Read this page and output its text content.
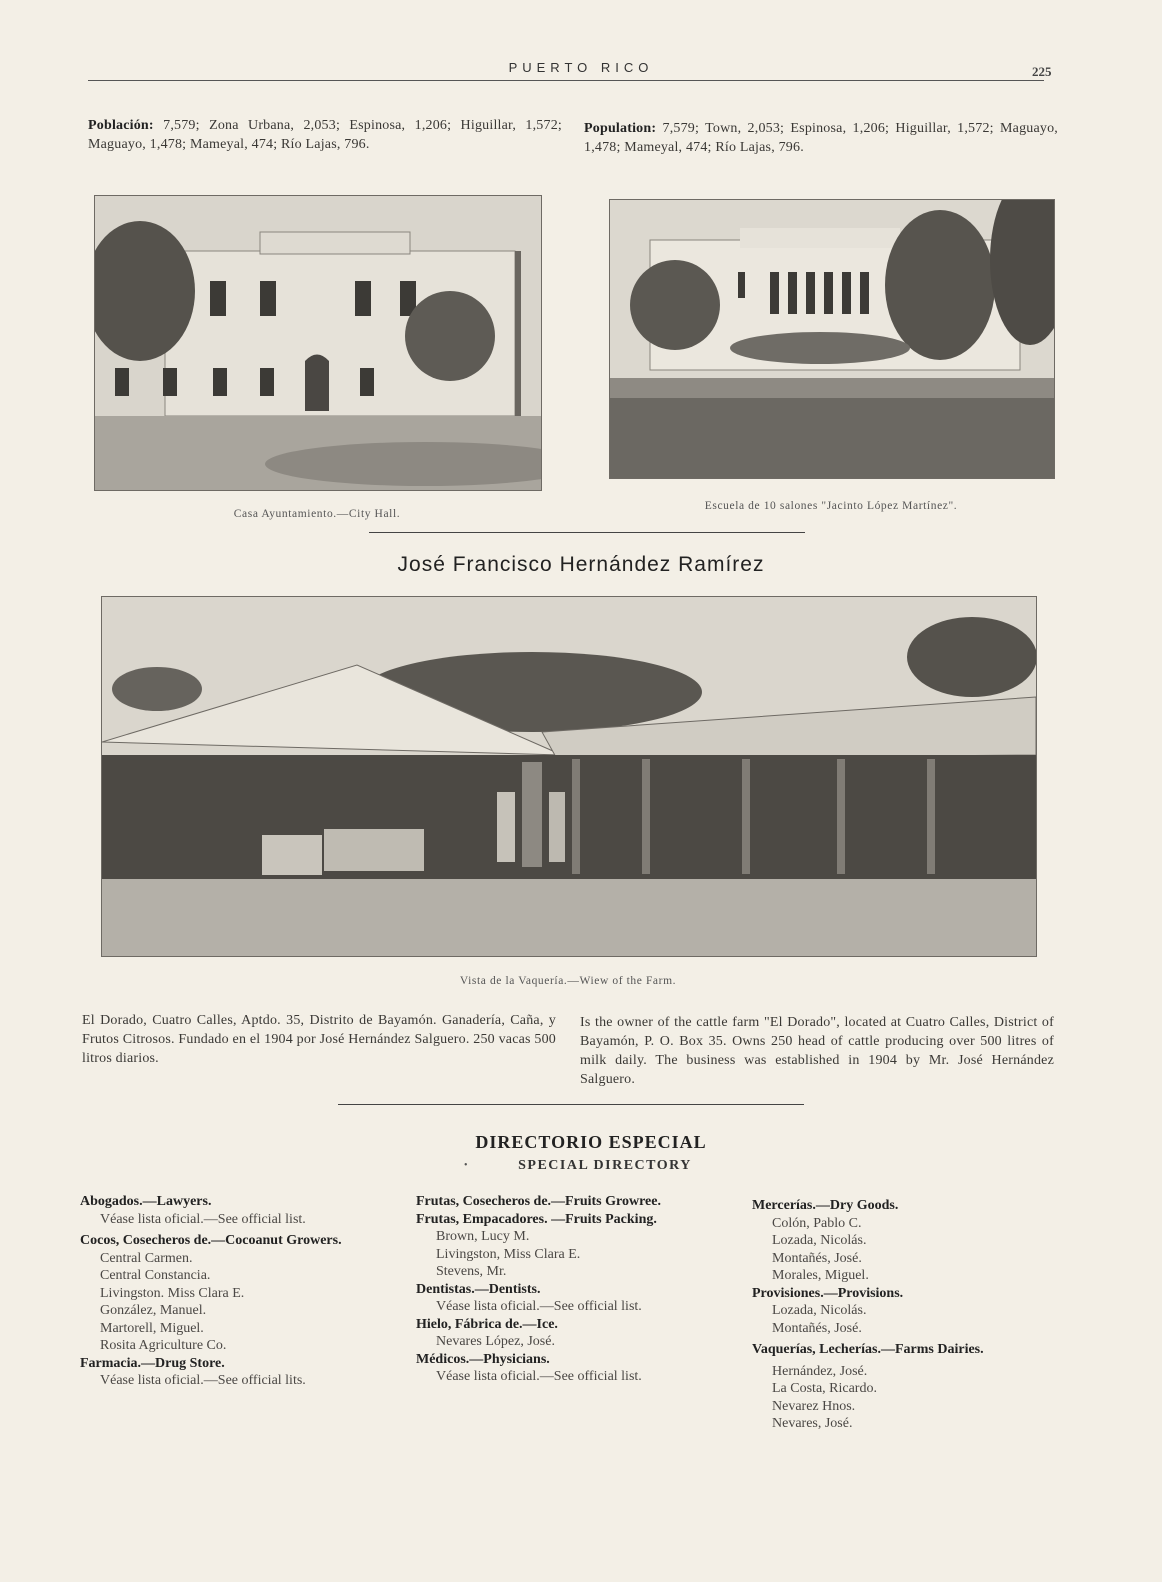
PUERTO RICO	225
Población: 7,579; Zona Urbana, 2,053; Espinosa, 1,206; Higuillar, 1,572; Maguayo, 1,478; Mameyal, 474; Río Lajas, 796.
Population: 7,579; Town, 2,053; Espinosa, 1,206; Higuillar, 1,572; Maguayo, 1,478; Mameyal, 474; Río Lajas, 796.
Casa Ayuntamiento.—City Hall.
Escuela de 10 salones "Jacinto López Martínez".
José Francisco Hernández Ramírez
Vista de la Vaquería.—Wiew of the Farm.
El Dorado, Cuatro Calles, Aptdo. 35, Distrito de Bayamón. Ganadería, Caña, y Frutos Citrosos. Fundado en el 1904 por José Hernández Salguero. 250 vacas 500 litros diarios.
Is the owner of the cattle farm "El Dorado", located at Cuatro Calles, District of Bayamón, P. O. Box 35. Owns 250 head of cattle producing over 500 litres of milk daily. The business was established in 1904 by Mr. José Hernández Salguero.
DIRECTORIO ESPECIAL
•	SPECIAL DIRECTORY
Abogados.—Lawyers.
Véase lista oficial.—See official list.
Cocos, Cosecheros de.—Cocoanut Growers.
Central Carmen.
Central Constancia.
Livingston. Miss Clara E.
González, Manuel.
Martorell, Miguel.
Rosita Agriculture Co.
Farmacia.—Drug Store.
Véase lista oficial.—See official lits.
Frutas, Cosecheros de.—Fruits Growree.
Frutas, Empacadores. —Fruits Packing.
Brown, Lucy M.
Livingston, Miss Clara E.
Stevens, Mr.
Dentistas.—Dentists.
Véase lista oficial.—See official list.
Hielo, Fábrica de.—Ice.
Nevares López, José.
Médicos.—Physicians.
Véase lista oficial.—See official list.
Mercerías.—Dry Goods.
Colón, Pablo C.
Lozada, Nicolás.
Montañés, José.
Morales, Miguel.
Provisiones.—Provisions.
Lozada, Nicolás.
Montañés, José.
Vaquerías, Lecherías.—Farms Dairies.
Hernández, José.
La Costa, Ricardo.
Nevarez Hnos.
Nevares, José.
